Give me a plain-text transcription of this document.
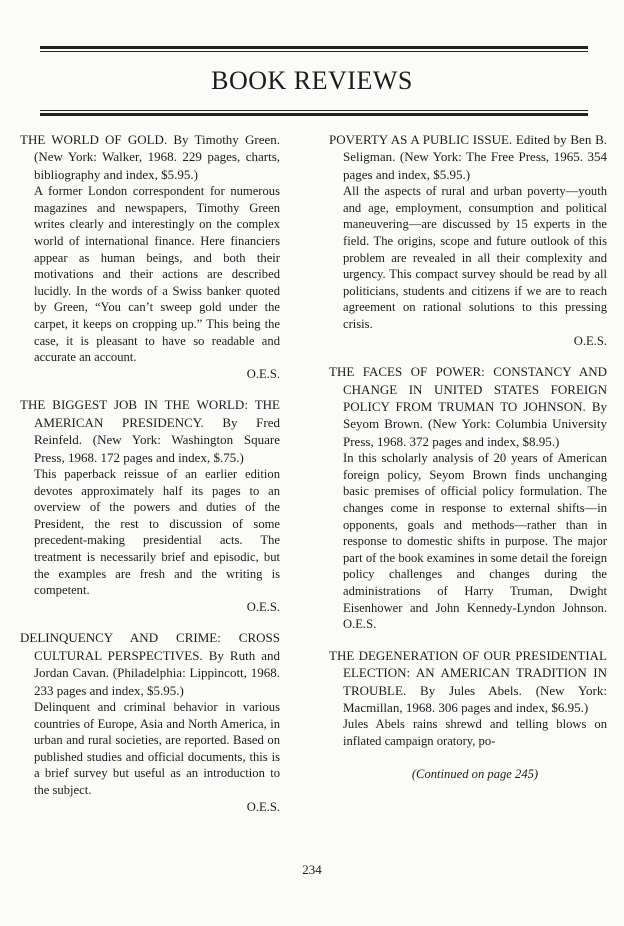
BOOK REVIEWS

THE WORLD OF GOLD. By Timothy Green. (New York: Walker, 1968. 229 pages, charts, bibliography and index, $5.95.)

A former London correspondent for numerous magazines and newspapers, Timothy Green writes clearly and interestingly on the complex world of international finance. Here financiers appear as human beings, and both their motivations and their actions are described lucidly. In the words of a Swiss banker quoted by Green, “You can’t sweep gold under the carpet, it keeps on cropping up.” This being the case, it is pleasant to have so readable and accurate an account.

O.E.S.

THE BIGGEST JOB IN THE WORLD: THE AMERICAN PRESIDENCY. By Fred Reinfeld. (New York: Washington Square Press, 1968. 172 pages and index, $.75.)

This paperback reissue of an earlier edition devotes approximately half its pages to an overview of the powers and duties of the President, the rest to discussion of some precedent-making presidential acts. The treatment is necessarily brief and episodic, but the examples are fresh and the writing is competent.

O.E.S.

DELINQUENCY AND CRIME: CROSS CULTURAL PERSPECTIVES. By Ruth and Jordan Cavan. (Philadelphia: Lippincott, 1968. 233 pages and index, $5.95.)

Delinquent and criminal behavior in various countries of Europe, Asia and North America, in urban and rural societies, are reported. Based on published studies and official documents, this is a brief survey but useful as an introduction to the subject.

O.E.S.

POVERTY AS A PUBLIC ISSUE. Edited by Ben B. Seligman. (New York: The Free Press, 1965. 354 pages and index, $5.95.)

All the aspects of rural and urban poverty—youth and age, employment, consumption and political maneuvering—are discussed by 15 experts in the field. The origins, scope and future outlook of this problem are revealed in all their complexity and urgency. This compact survey should be read by all politicians, students and citizens if we are to reach agreement on rational solutions to this pressing crisis.

O.E.S.

THE FACES OF POWER: CONSTANCY AND CHANGE IN UNITED STATES FOREIGN POLICY FROM TRUMAN TO JOHNSON. By Seyom Brown. (New York: Columbia University Press, 1968. 372 pages and index, $8.95.)

In this scholarly analysis of 20 years of American foreign policy, Seyom Brown finds unchanging basic premises of official policy formulation. The changes come in response to external shifts—in opponents, goals and methods—rather than in response to domestic shifts in purpose. The major part of the book examines in some detail the foreign policy challenges and changes during the administrations of Harry Truman, Dwight Eisenhower and John Kennedy-Lyndon Johnson. O.E.S.

THE DEGENERATION OF OUR PRESIDENTIAL ELECTION: AN AMERICAN TRADITION IN TROUBLE. By Jules Abels. (New York: Macmillan, 1968. 306 pages and index, $6.95.)

Jules Abels rains shrewd and telling blows on inflated campaign oratory, po-

(Continued on page 245)

234
